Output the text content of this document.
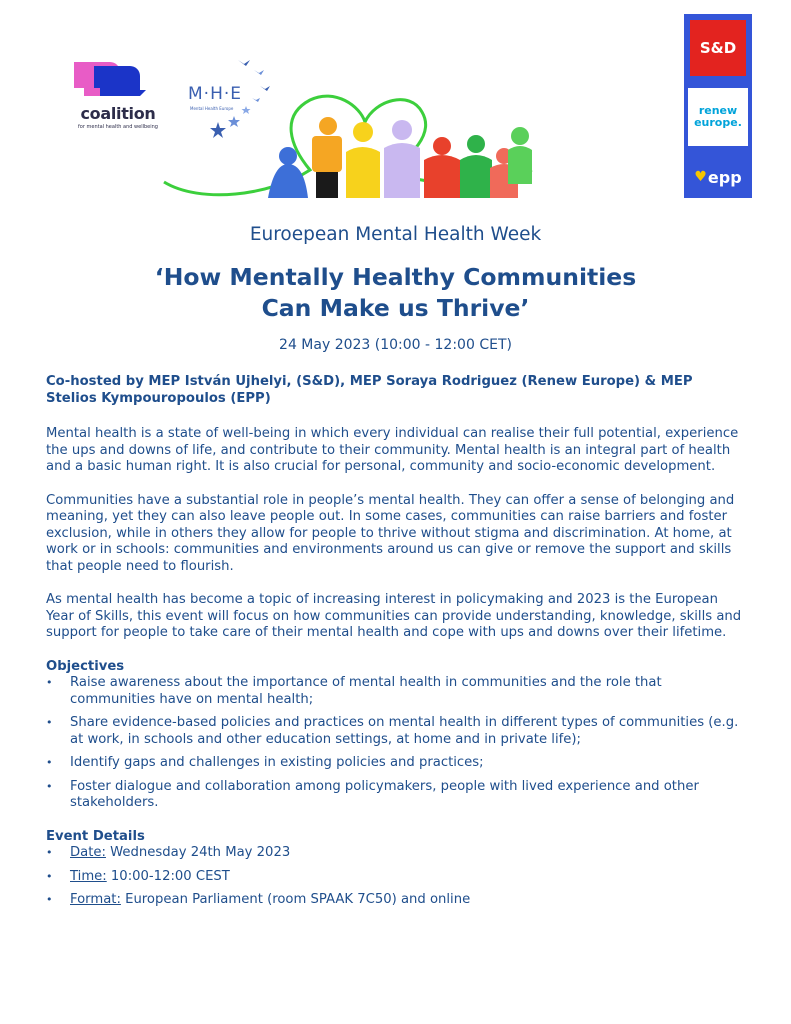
coalition
for mental health and wellbeing
M·H·E
Mental Health Europe
S&D
renew
europe.
♥ epp
Euroepean Mental Health Week
‘How Mentally Healthy Communities
Can Make us Thrive’
24 May 2023 (10:00 - 12:00 CET)

Co-hosted by MEP István Ujhelyi, (S&D), MEP Soraya Rodriguez (Renew Europe) & MEP Stelios Kympouropoulos (EPP)

Mental health is a state of well-being in which every individual can realise their full potential, experience the ups and downs of life, and contribute to their community. Mental health is an integral part of health and a basic human right. It is also crucial for personal, community and socio-economic development.

Communities have a substantial role in people’s mental health. They can offer a sense of belonging and meaning, yet they can also leave people out. In some cases, communities can raise barriers and foster exclusion, while in others they allow for people to thrive without stigma and discrimination. At home, at work or in schools: communities and environments around us can give or remove the support and skills that people need to flourish.

As mental health has become a topic of increasing interest in policymaking and 2023 is the European Year of Skills, this event will focus on how communities can provide understanding, knowledge, skills and support for people to take care of their mental health and cope with ups and downs over their lifetime.

Objectives

• Raise awareness about the importance of mental health in communities and the role that communities have on mental health;
• Share evidence-based policies and practices on mental health in different types of communities (e.g. at work, in schools and other education settings, at home and in private life);
• Identify gaps and challenges in existing policies and practices;
• Foster dialogue and collaboration among policymakers, people with lived experience and other stakeholders.

Event Details

• Date: Wednesday 24th May 2023
• Time: 10:00-12:00 CEST
• Format: European Parliament (room SPAAK 7C50) and online
